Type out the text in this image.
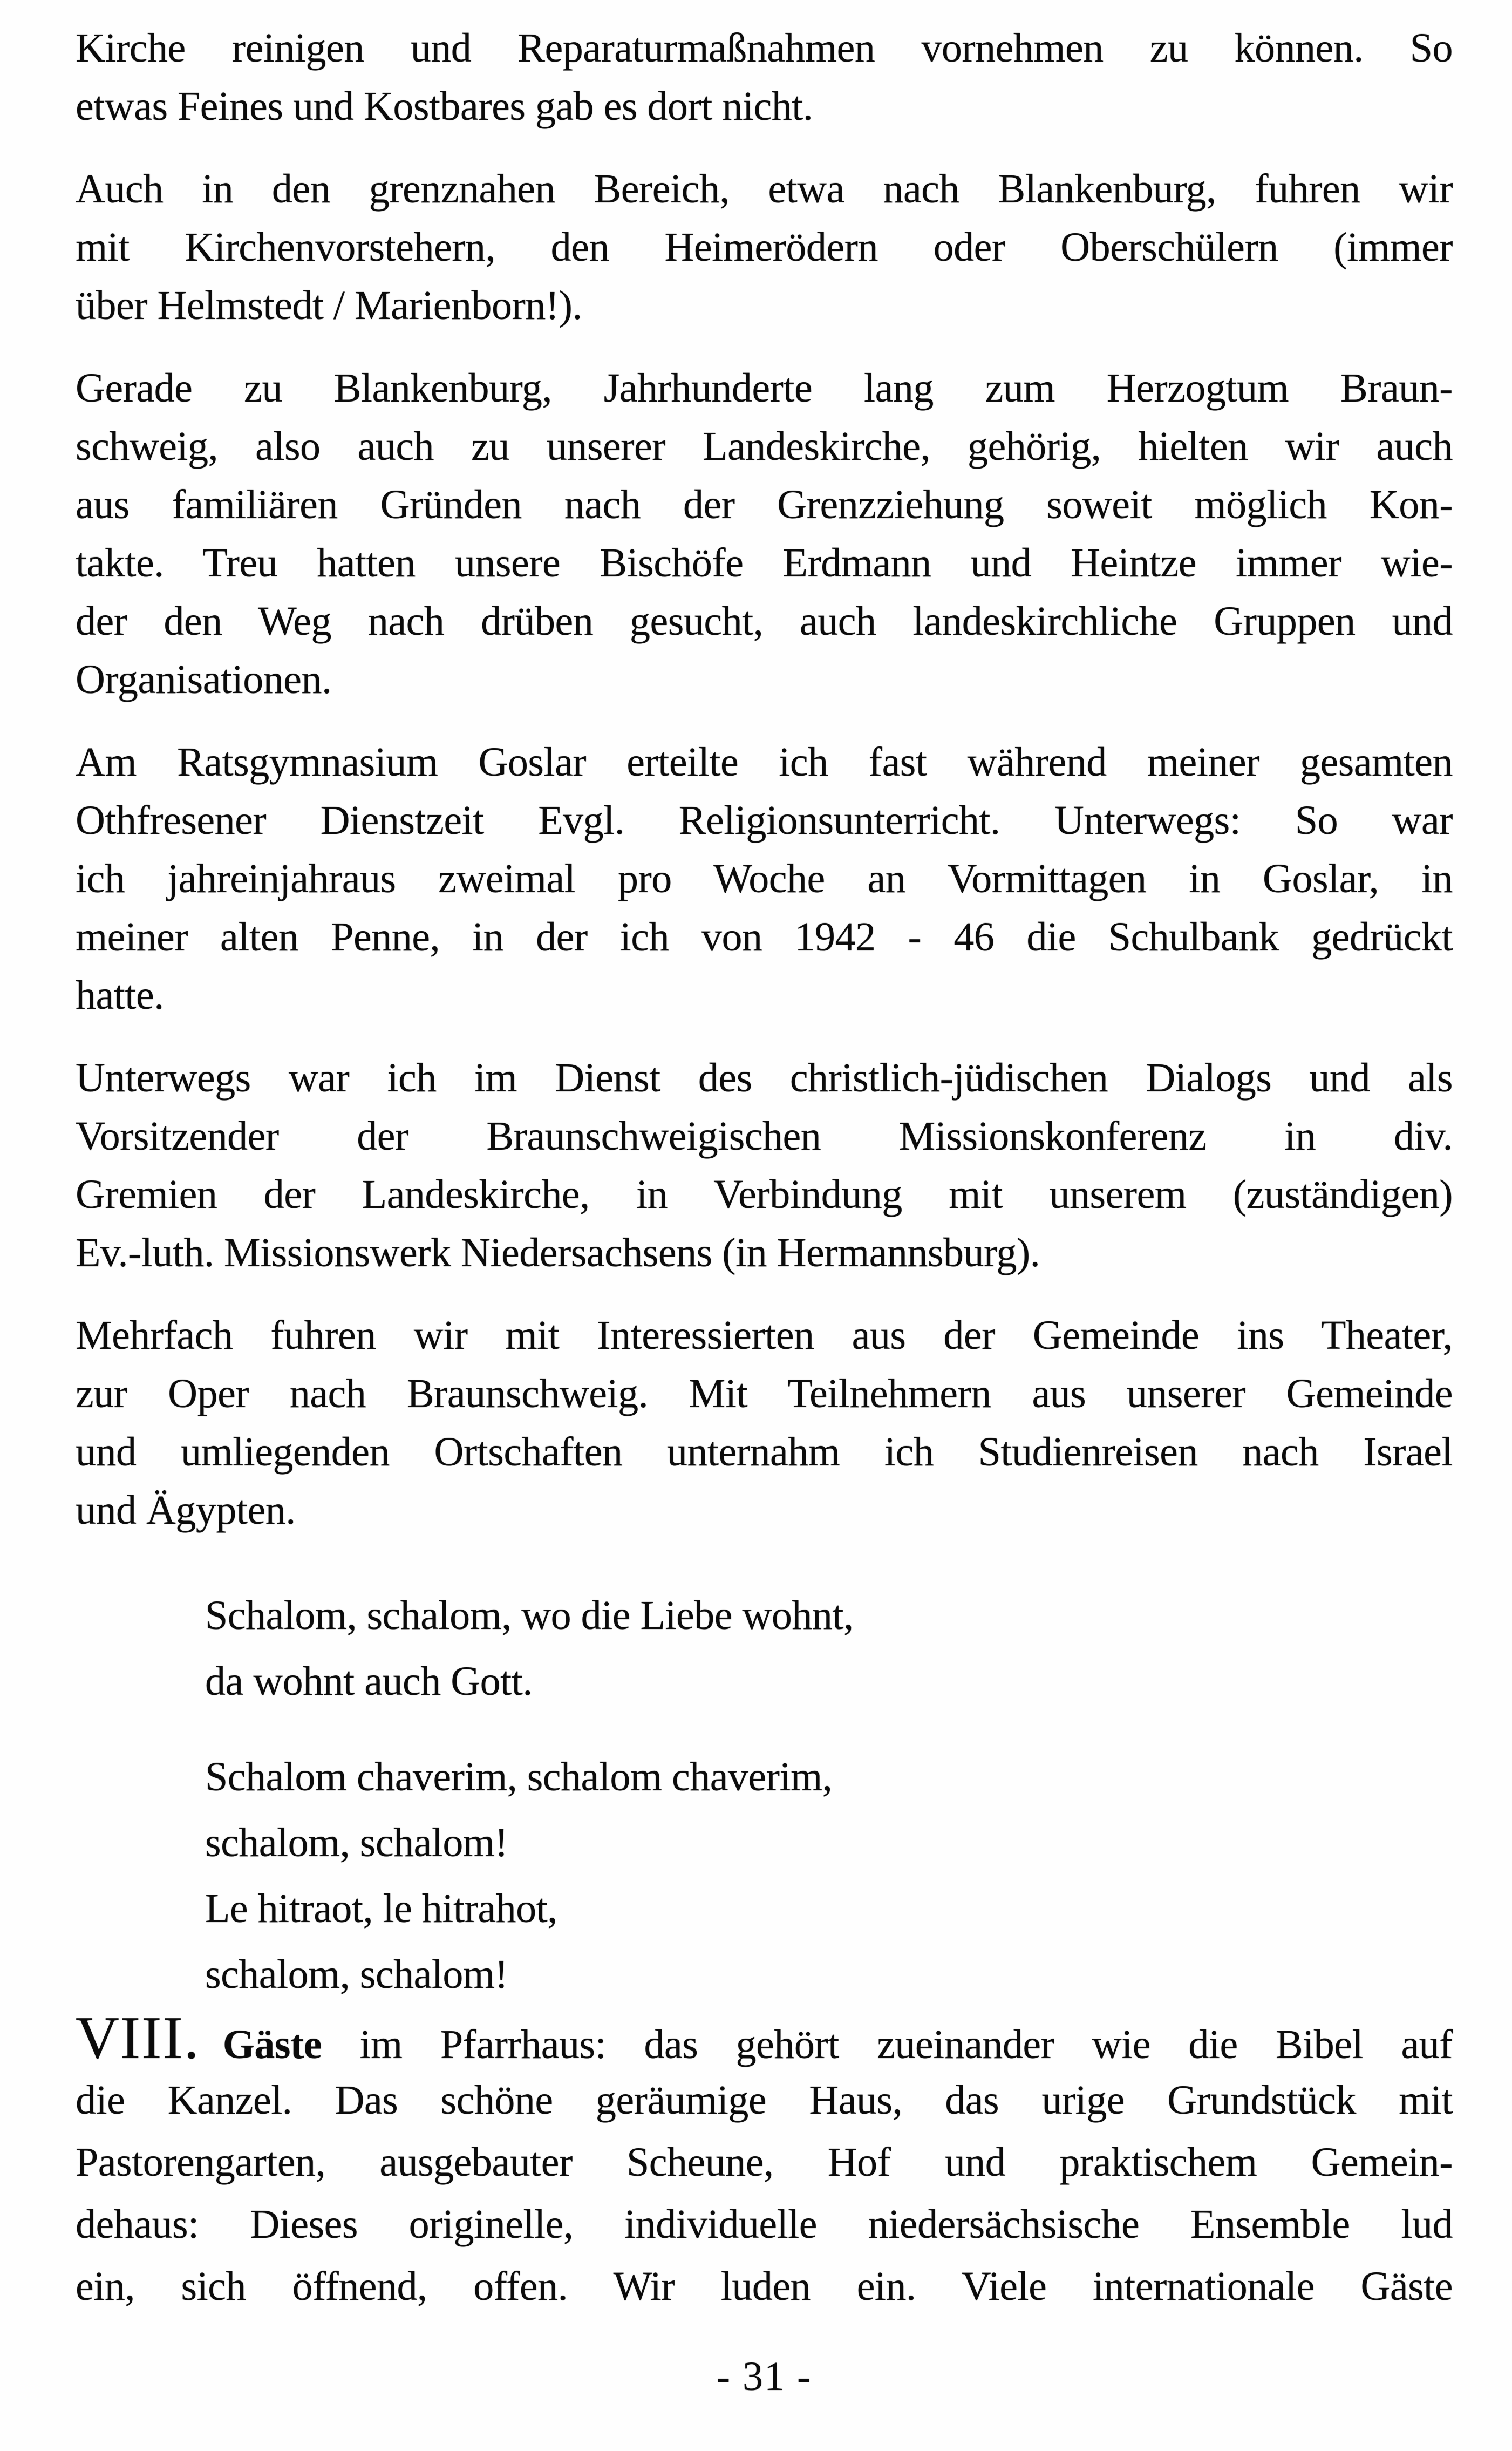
Kirche reinigen und Reparaturmaßnahmen vornehmen zu können. So
etwas Feines und Kostbares gab es dort nicht.
Auch in den grenznahen Bereich, etwa nach Blankenburg, fuhren wir
mit Kirchenvorstehern, den Heimerödern oder Oberschülern (immer
über Helmstedt / Marienborn!).
Gerade zu Blankenburg, Jahrhunderte lang zum Herzogtum Braun-
schweig, also auch zu unserer Landeskirche, gehörig, hielten wir auch
aus familiären Gründen nach der Grenzziehung soweit möglich Kon-
takte. Treu hatten unsere Bischöfe Erdmann und Heintze immer wie-
der den Weg nach drüben gesucht, auch landeskirchliche Gruppen und
Organisationen.
Am Ratsgymnasium Goslar erteilte ich fast während meiner gesamten
Othfresener Dienstzeit Evgl. Religionsunterricht. Unterwegs: So war
ich jahreinjahraus zweimal pro Woche an Vormittagen in Goslar, in
meiner alten Penne, in der ich von 1942 - 46 die Schulbank gedrückt
hatte.
Unterwegs war ich im Dienst des christlich-jüdischen Dialogs und als
Vorsitzender der Braunschweigischen Missionskonferenz in div.
Gremien der Landeskirche, in Verbindung mit unserem (zuständigen)
Ev.-luth. Missionswerk Niedersachsens (in Hermannsburg).
Mehrfach fuhren wir mit Interessierten aus der Gemeinde ins Theater,
zur Oper nach Braunschweig. Mit Teilnehmern aus unserer Gemeinde
und umliegenden Ortschaften unternahm ich Studienreisen nach Israel
und Ägypten.
Schalom, schalom, wo die Liebe wohnt,
da wohnt auch Gott.
Schalom chaverim, schalom chaverim,
schalom, schalom!
Le hitraot, le hitrahot,
schalom, schalom!
VIII. Gäste im Pfarrhaus: das gehört zueinander wie die Bibel auf
die Kanzel. Das schöne geräumige Haus, das urige Grundstück mit
Pastorengarten, ausgebauter Scheune, Hof und praktischem Gemein-
dehaus: Dieses originelle, individuelle niedersächsische Ensemble lud
ein, sich öffnend, offen. Wir luden ein. Viele internationale Gäste
- 31 -
